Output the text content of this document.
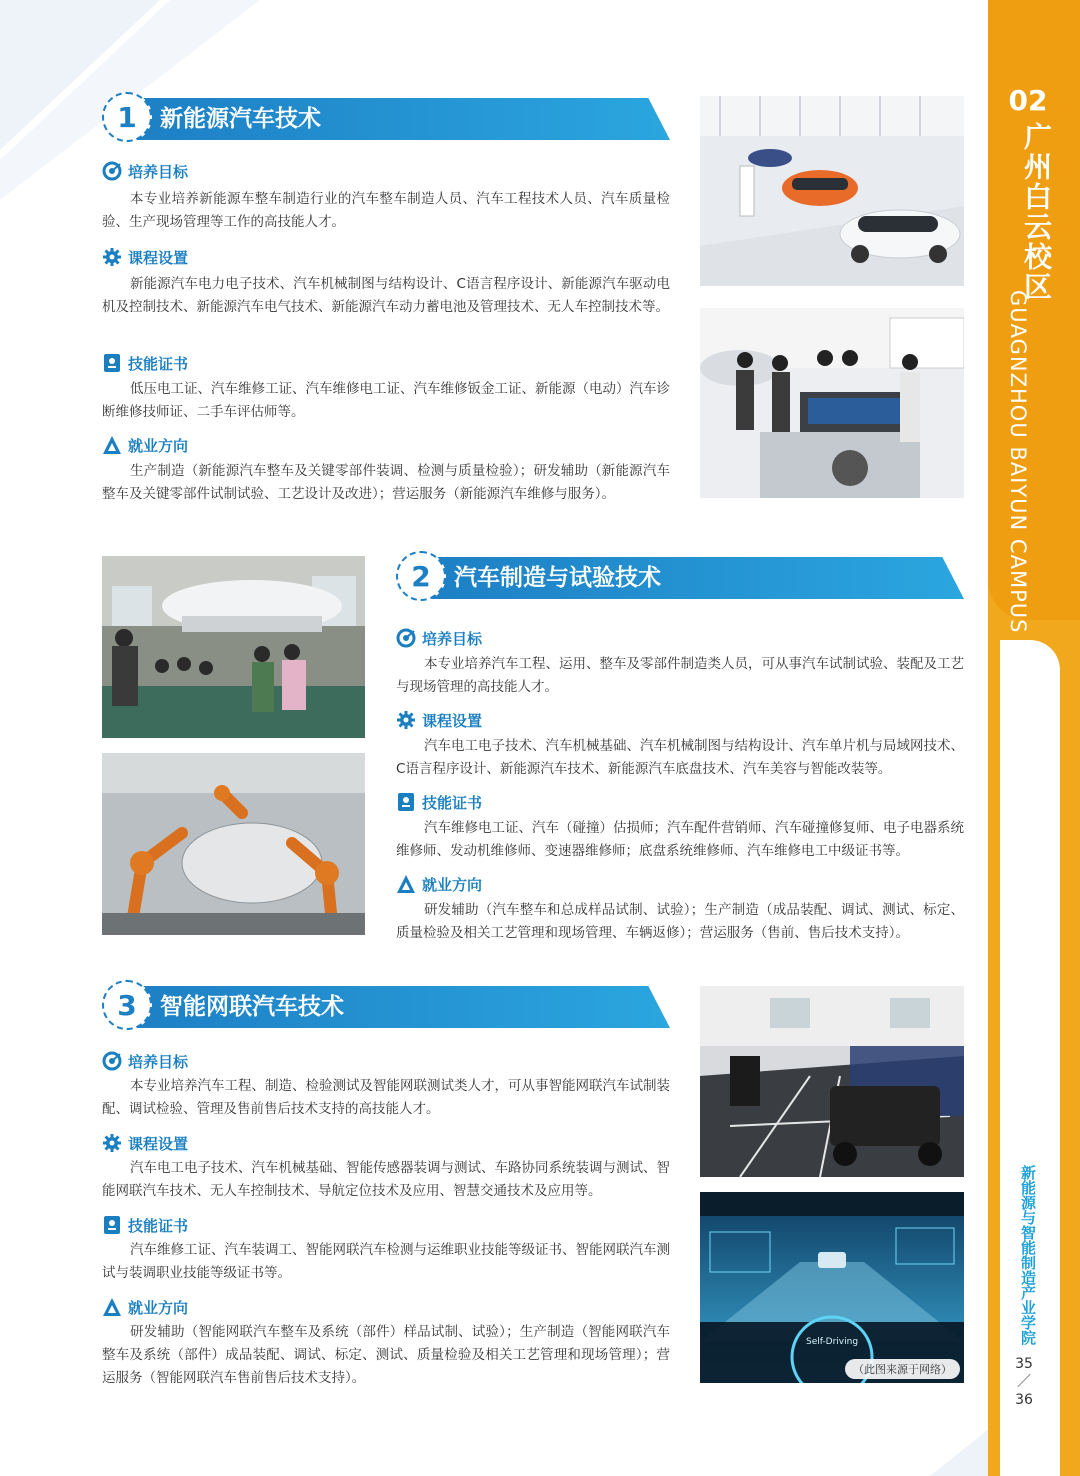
02
广州白云校区
GUAGNZHOU BAIYUN CAMPUS
新能源与智能制造产业学院
35
／
36
1	新能源汽车技术
培养目标
本专业培养新能源车整车制造行业的汽车整车制造人员、汽车工程技术人员、汽车质量检验、生产现场管理等工作的高技能人才。
课程设置
新能源汽车电力电子技术、汽车机械制图与结构设计、C语言程序设计、新能源汽车驱动电机及控制技术、新能源汽车电气技术、新能源汽车动力蓄电池及管理技术、无人车控制技术等。
技能证书
低压电工证、汽车维修工证、汽车维修电工证、汽车维修钣金工证、新能源（电动）汽车诊断维修技师证、二手车评估师等。
就业方向
生产制造（新能源汽车整车及关键零部件装调、检测与质量检验）；研发辅助（新能源汽车整车及关键零部件试制试验、工艺设计及改进）；营运服务（新能源汽车维修与服务）。
2	汽车制造与试验技术
培养目标
本专业培养汽车工程、运用、整车及零部件制造类人员，可从事汽车试制试验、装配及工艺与现场管理的高技能人才。
课程设置
汽车电工电子技术、汽车机械基础、汽车机械制图与结构设计、汽车单片机与局域网技术、C语言程序设计、新能源汽车技术、新能源汽车底盘技术、汽车美容与智能改装等。
技能证书
汽车维修电工证、汽车（碰撞）估损师；汽车配件营销师、汽车碰撞修复师、电子电器系统维修师、发动机维修师、变速器维修师；底盘系统维修师、汽车维修电工中级证书等。
就业方向
研发辅助（汽车整车和总成样品试制、试验）；生产制造（成品装配、调试、测试、标定、质量检验及相关工艺管理和现场管理、车辆返修）；营运服务（售前、售后技术支持）。
3	智能网联汽车技术
培养目标
本专业培养汽车工程、制造、检验测试及智能网联测试类人才，可从事智能网联汽车试制装配、调试检验、管理及售前售后技术支持的高技能人才。
课程设置
汽车电工电子技术、汽车机械基础、智能传感器装调与测试、车路协同系统装调与测试、智能网联汽车技术、无人车控制技术、导航定位技术及应用、智慧交通技术及应用等。
技能证书
汽车维修工证、汽车装调工、智能网联汽车检测与运维职业技能等级证书、智能网联汽车测试与装调职业技能等级证书等。
就业方向
研发辅助（智能网联汽车整车及系统（部件）样品试制、试验）；生产制造（智能网联汽车整车及系统（部件）成品装配、调试、标定、测试、质量检验及相关工艺管理和现场管理）；营运服务（智能网联汽车售前售后技术支持）。
Self-Driving
（此图来源于网络）
